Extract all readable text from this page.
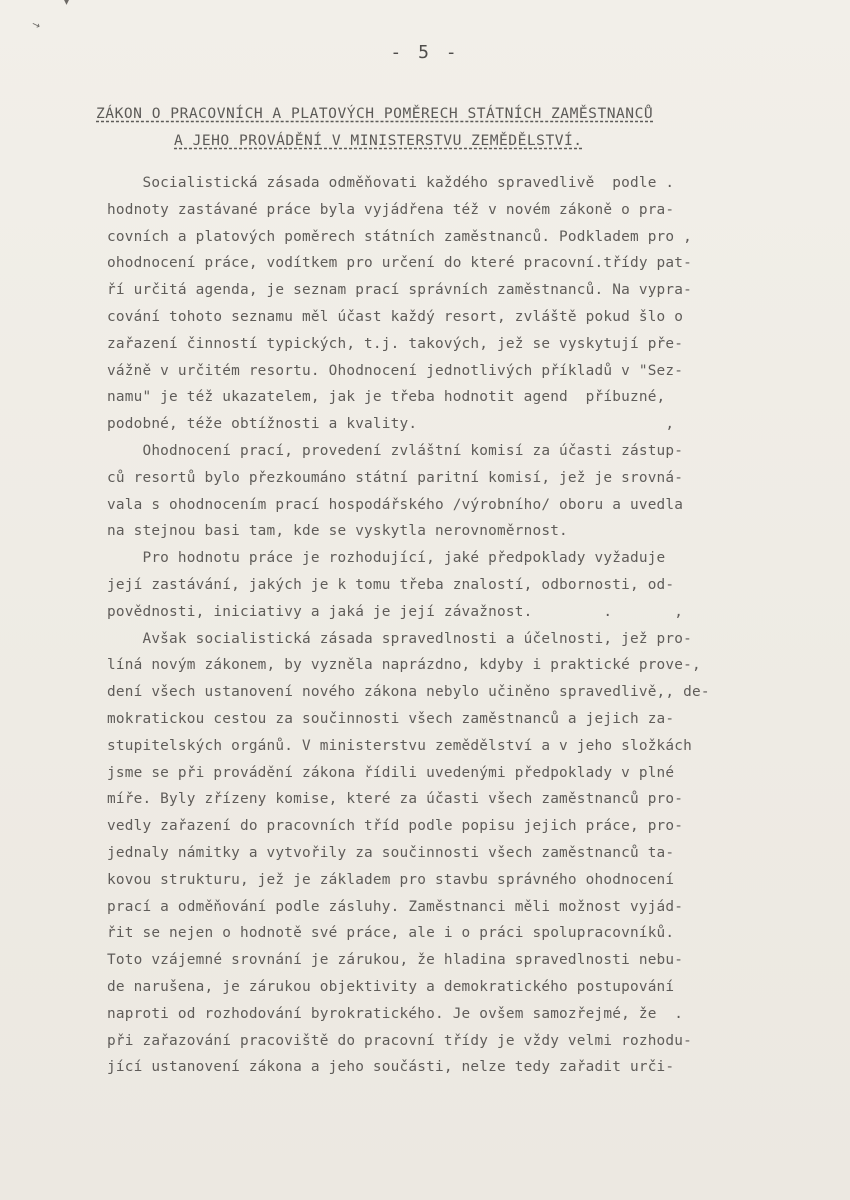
▾
↘
- 5 -
ZÁKON O PRACOVNÍCH A PLATOVÝCH POMĚRECH STÁTNÍCH ZAMĚSTNANCŮ
A JEHO PROVÁDĚNÍ V MINISTERSTVU ZEMĚDĚLSTVÍ.
Socialistická zásada odměňovati každého spravedlivě  podle .
hodnoty zastávané práce byla vyjádřena též v novém zákoně o pra-
covních a platových poměrech státních zaměstnanců. Podkladem pro ,
ohodnocení práce, vodítkem pro určení do které pracovní.třídy pat-
ří určitá agenda, je seznam prací správních zaměstnanců. Na vypra-
cování tohoto seznamu měl účast každý resort, zvláště pokud šlo o
zařazení činností typických, t.j. takových, jež se vyskytují pře-
vážně v určitém resortu. Ohodnocení jednotlivých příkladů v "Sez-
namu" je též ukazatelem, jak je třeba hodnotit agend  příbuzné,
podobné, téže obtížnosti a kvality.                            ,
Ohodnocení prací, provedení zvláštní komisí za účasti zástup-
ců resortů bylo přezkoumáno státní paritní komisí, jež je srovná-
vala s ohodnocením prací hospodářského /výrobního/ oboru a uvedla
na stejnou basi tam, kde se vyskytla nerovnoměrnost.
Pro hodnotu práce je rozhodující, jaké předpoklady vyžaduje
její zastávání, jakých je k tomu třeba znalostí, odbornosti, od-
povědnosti, iniciativy a jaká je její závažnost.        .       ,
Avšak socialistická zásada spravedlnosti a účelnosti, jež pro-
líná novým zákonem, by vyzněla naprázdno, kdyby i praktické prove-,
dení všech ustanovení nového zákona nebylo učiněno spravedlivě,, de-
mokratickou cestou za součinnosti všech zaměstnanců a jejich za-
stupitelských orgánů. V ministerstvu zemědělství a v jeho složkách
jsme se při provádění zákona řídili uvedenými předpoklady v plné
míře. Byly zřízeny komise, které za účasti všech zaměstnanců pro-
vedly zařazení do pracovních tříd podle popisu jejich práce, pro-
jednaly námitky a vytvořily za součinnosti všech zaměstnanců ta-
kovou strukturu, jež je základem pro stavbu správného ohodnocení
prací a odměňování podle zásluhy. Zaměstnanci měli možnost vyjád-
řit se nejen o hodnotě své práce, ale i o práci spolupracovníků.
Toto vzájemné srovnání je zárukou, že hladina spravedlnosti nebu-
de narušena, je zárukou objektivity a demokratického postupování
naproti od rozhodování byrokratického. Je ovšem samozřejmé, že  .
při zařazování pracoviště do pracovní třídy je vždy velmi rozhodu-
jící ustanovení zákona a jeho součásti, nelze tedy zařadit urči-
